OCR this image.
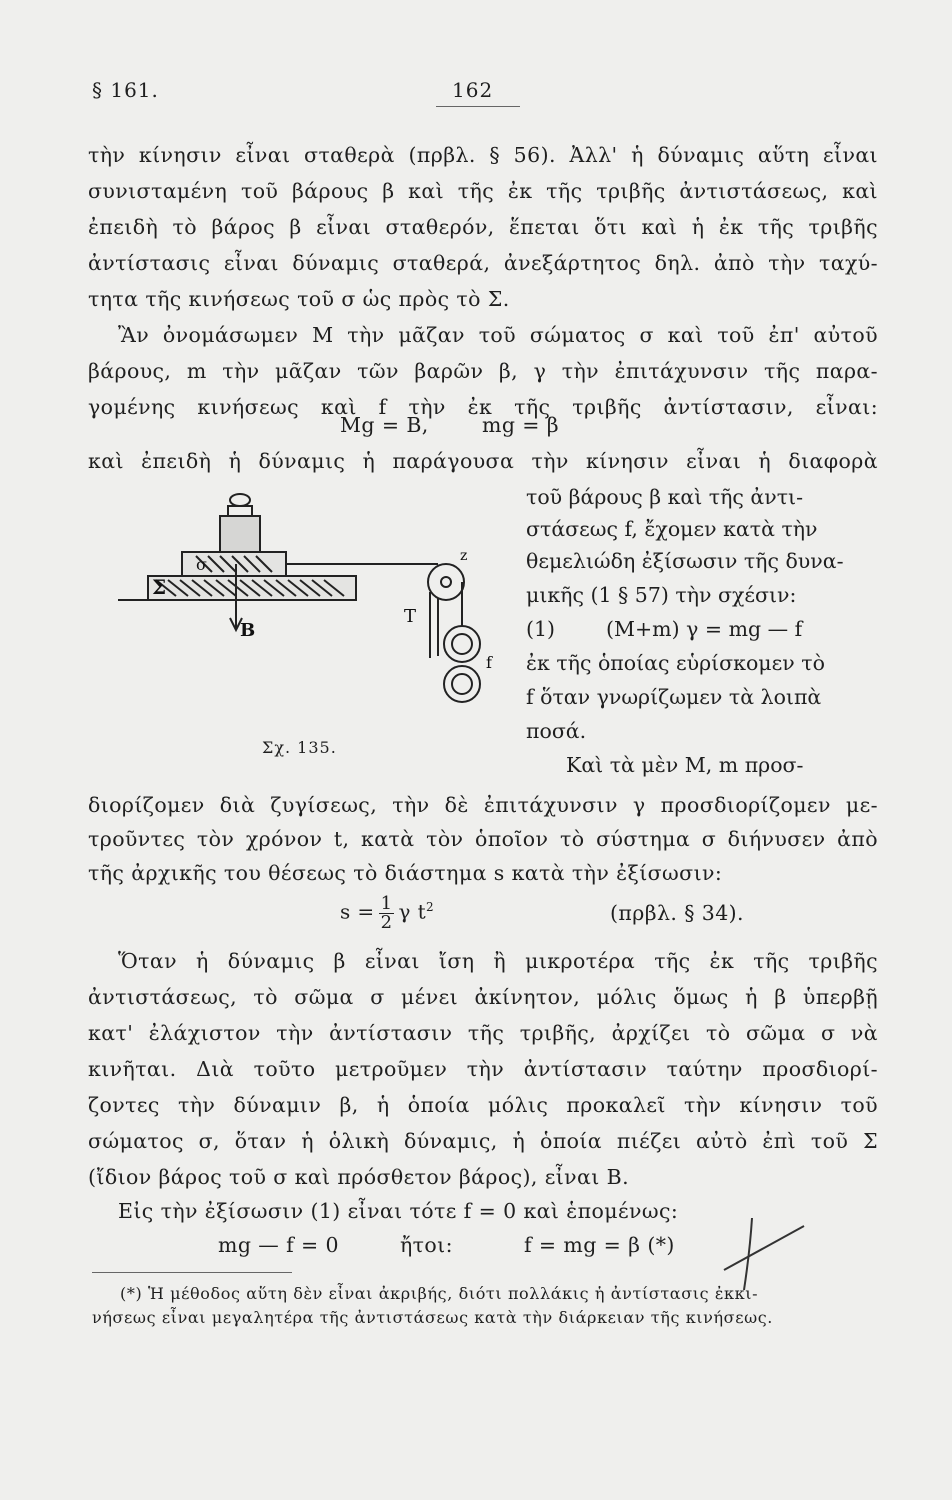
§ 161.	162
τὴν κίνησιν εἶναι σταθερὰ (πρβλ. § 56). Ἀλλ' ἡ δύναμις αὕτη εἶναι
συνισταμένη τοῦ βάρους β καὶ τῆς ἐκ τῆς τριβῆς ἀντιστάσεως, καὶ
ἐπειδὴ τὸ βάρος β εἶναι σταθερόν, ἕπεται ὅτι καὶ ἡ ἐκ τῆς τριβῆς
ἀντίστασις εἶναι δύναμις σταθερά, ἀνεξάρτητος δηλ. ἀπὸ τὴν ταχύ-
τητα τῆς κινήσεως τοῦ σ ὡς πρὸς τὸ Σ.
Ἂν ὀνομάσωμεν M τὴν μᾶζαν τοῦ σώματος σ καὶ τοῦ ἐπ' αὐτοῦ
βάρους, m τὴν μᾶζαν τῶν βαρῶν β, γ τὴν ἐπιτάχυνσιν τῆς παρα-
γομένης κινήσεως καὶ f τὴν ἐκ τῆς τριβῆς ἀντίστασιν, εἶναι:
Mg = B,	mg = β
καὶ ἐπειδὴ ἡ δύναμις ἡ παράγουσα τὴν κίνησιν εἶναι ἡ διαφορὰ
τοῦ βάρους β καὶ τῆς ἀντι-
στάσεως f, ἔχομεν κατὰ τὴν
θεμελιώδη ἐξίσωσιν τῆς δυνα-
μικῆς (1 § 57) τὴν σχέσιν:
(1)	(M+m) γ = mg — f
ἐκ τῆς ὁποίας εὑρίσκομεν τὸ
f ὅταν γνωρίζωμεν τὰ λοιπὰ
ποσά.
Καὶ τὰ μὲν M, m προσ-
Σ
σ
B
T
f
z
Σχ. 135.
διορίζομεν διὰ ζυγίσεως, τὴν δὲ ἐπιτάχυνσιν γ προσδιορίζομεν με-
τροῦντες τὸν χρόνον t, κατὰ τὸν ὁποῖον τὸ σύστημα σ διήνυσεν ἀπὸ
τῆς ἀρχικῆς του θέσεως τὸ διάστημα s κατὰ τὴν ἐξίσωσιν:
$s = \frac{1}{2}$ γ $t^2$	(πρβλ. § 34).
Ὅταν ἡ δύναμις β εἶναι ἴση ἢ μικροτέρα τῆς ἐκ τῆς τριβῆς
ἀντιστάσεως, τὸ σῶμα σ μένει ἀκίνητον, μόλις ὅμως ἡ β ὑπερβῇ
κατ' ἐλάχιστον τὴν ἀντίστασιν τῆς τριβῆς, ἀρχίζει τὸ σῶμα σ νὰ
κινῆται. Διὰ τοῦτο μετροῦμεν τὴν ἀντίστασιν ταύτην προσδιορί-
ζοντες τὴν δύναμιν β, ἡ ὁποία μόλις προκαλεῖ τὴν κίνησιν τοῦ
σώματος σ, ὅταν ἡ ὁλικὴ δύναμις, ἡ ὁποία πιέζει αὐτὸ ἐπὶ τοῦ Σ
(ἴδιον βάρος τοῦ σ καὶ πρόσθετον βάρος), εἶναι B.
Εἰς τὴν ἐξίσωσιν (1) εἶναι τότε f = 0 καὶ ἑπομένως:
mg — f = 0	ἤτοι:	f = mg = β (*)
(*) Ἡ μέθοδος αὕτη δὲν εἶναι ἀκριβής, διότι πολλάκις ἡ ἀντίστασις ἐκκι-
νήσεως εἶναι μεγαλητέρα τῆς ἀντιστάσεως κατὰ τὴν διάρκειαν τῆς κινήσεως.
